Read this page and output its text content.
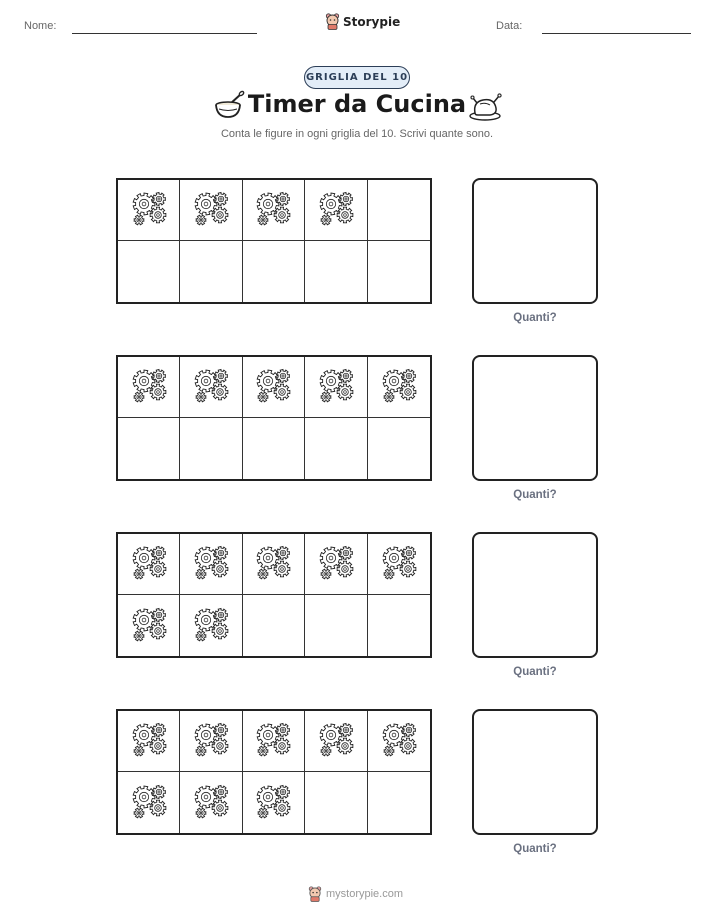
Nome:	Storypie	Data:
GRIGLIA DEL 10
Timer da Cucina
Conta le figure in ogni griglia del 10. Scrivi quante sono.
Quanti?
Quanti?
Quanti?
Quanti?
mystorypie.com
